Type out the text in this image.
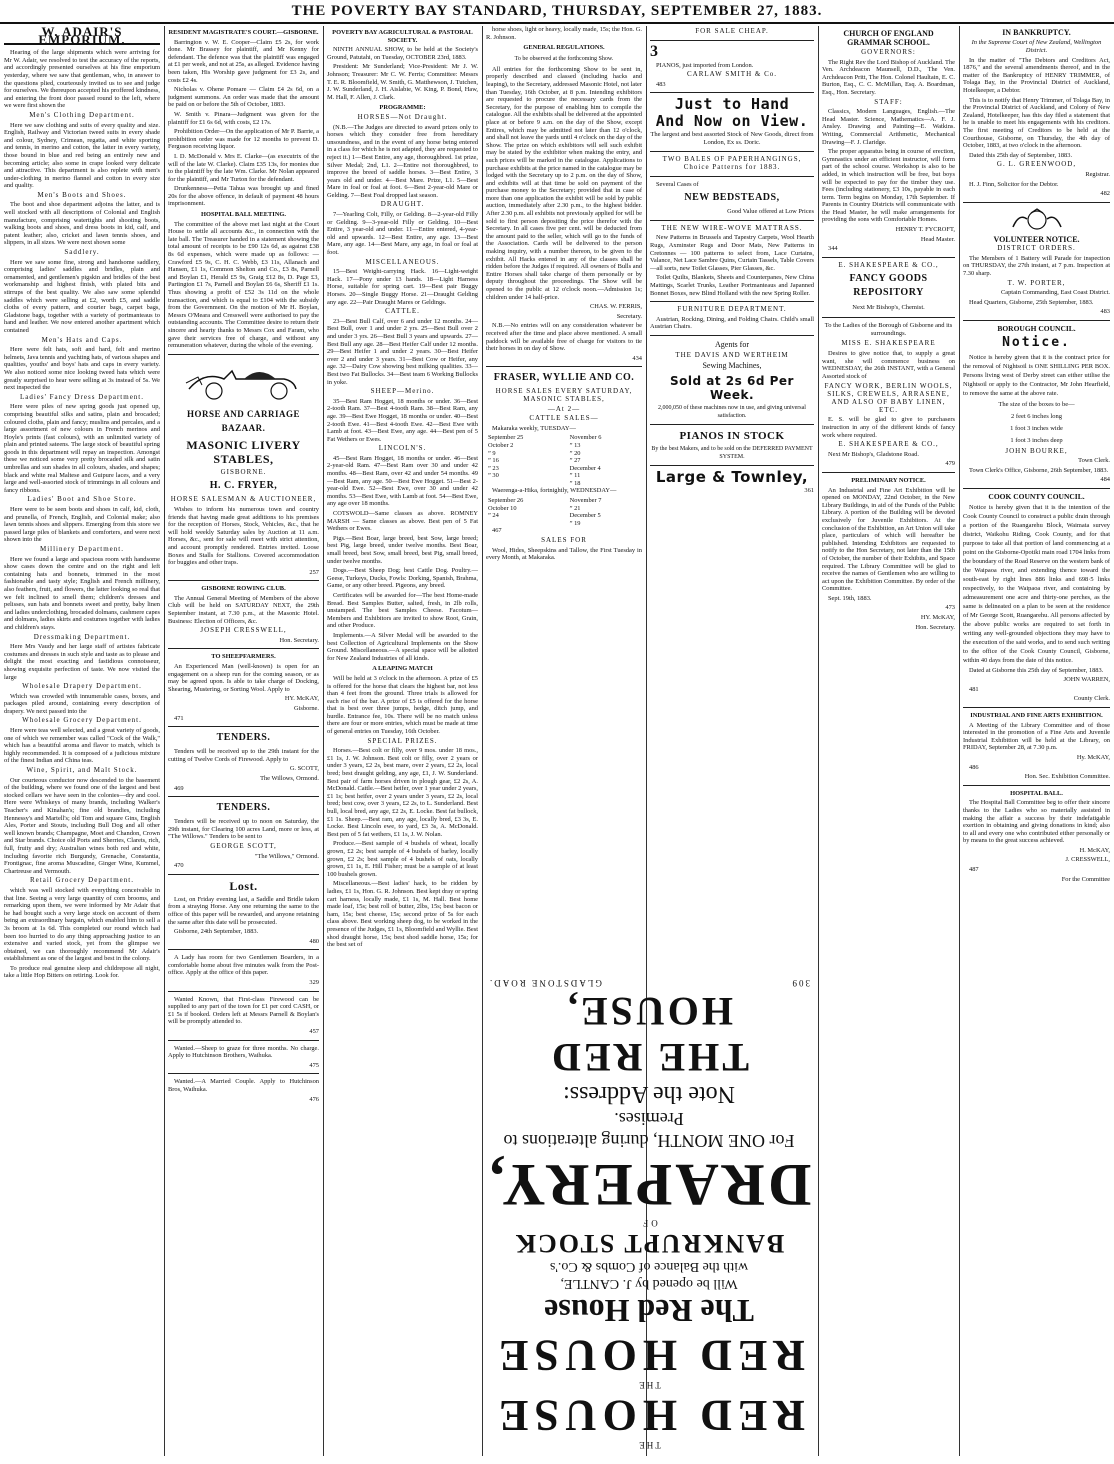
THE POVERTY BAY STANDARD, THURSDAY, SEPTEMBER 27, 1883.
W. ADAIR'S EMPORIUM.

Hearing of the large shipments which were arriving for Mr W. Adair, we resolved to test the accuracy of the reports, and accordingly presented ourselves at his fine emporium yesterday, where we saw that gentleman, who, in answer to the questions plied, courteously invited us to see and judge for ourselves. We thereupon accepted his proffered kindness, and entering the front door passed round to the left, where we were first shown the

Men's Clothing Department.

Here we saw clothing and suits of every quality and size. English, Railway and Victorian tweed suits in every shade and colour, Sydney, Crimean, regatta, and white sporting and tennis, in merino and cotton, the latter in every variety, those bound in blue and red being an entirely new and becoming article; also some in crape looked very delicate and attractive. This department is also replete with men's under-clothing in merino flannel and cotton in every size and quality.

Men's Boots and Shoes.

The boot and shoe department adjoins the latter, and is well stocked with all descriptions of Colonial and English manufacture, comprising watertights and shooting boots, walking boots and shoes, and dress boots in kid, calf, and patent leather; also, cricket and lawn tennis shoes, and slippers, in all sizes. We were next shown some

Saddlery.

Here we saw some fine, strong and handsome saddlery, comprising ladies' saddles and bridles, plain and ornamented, and gentlemen's pigskin and bridles of the best workmanship and highest finish, with plated bits and stirrups of the best quality. We also saw some splendid saddles which were selling at £2, worth £5, and saddle cloths of every pattern, and courier bags, carpet bags, Gladstone bags, together with a variety of portmanteaus to hand and leather. We now entered another apartment which contained

Men's Hats and Caps.

Here were felt hats, soft and hard, felt and merino helmets, Java tennis and yachting hats, of various shapes and qualities, youths' and boys' hats and caps in every variety. We also noticed some nice looking tweed hats which were greatly surprised to hear were selling at 3s instead of 5s. We next inspected the

Ladies' Fancy Dress Department.

Here were piles of new spring goods just opened up, comprising beautiful silks and satins, plain and brocaded; coloured cloths, plain and fancy; muslins and percales, and a large assortment of new colours in French merinos and Hoyle's prints (fast colours), with an unlimited variety of plain and printed sateens. The large stock of beautiful spring goods in this department will repay an inspection. Amongst these we noticed some very pretty brocaded silk and satin umbrellas and sun shades in all colours, shades, and shapes; black and white real Maltese and Guipure laces, and a very large and well-assorted stock of trimmings in all colours and fancy ribbons.

Ladies' Boot and Shoe Store.

Here were to be seen boots and shoes in calf, kid, cloth, and prunella, of French, English, and Colonial make; also lawn tennis shoes and slippers. Emerging from this store we passed large piles of blankets and comforters, and were next shown into the

Millinery Department.

Here we found a large and spacious room with handsome show cases down the centre and on the right and left containing hats and bonnets, trimmed in the most fashionable and tasty style; English and French millinery, also feathers, fruit, and flowers, the latter looking so real that we felt inclined to smell them; children's dresses and pelisses, sun hats and bonnets sweet and pretty, baby linen and ladies underclothing, brocaded dolmans, cashmere capes and dolmans, ladies skirts and costumes together with ladies and children's stays.

Dressmaking Department.

Here Mrs Vaudy and her large staff of artistes fabricate costumes and dresses in such style and taste as to please and delight the most exacting and fastidious connoisseur, showing exquisite perfection of taste. We now visited the large

Wholesale Drapery Department.

Which was crowded with innumerable cases, boxes, and packages piled around, containing every description of drapery. We next passed into the

Wholesale Grocery Department.

Here were teas well selected, and a great variety of goods, one of which we remember was called "Cock of the Walk," which has a beautiful aroma and flavor to match, which is highly recommended. It is composed of a judicious mixture of the finest Indian and China teas.

Wine, Spirit, and Malt Stock.

Our courteous conductor now descended to the basement of the building, where we found one of the largest and best stocked cellars we have seen in the colonies—dry and cool. Here were Whiskeys of many brands, including Walker's Teacher's and Kinahan's; fine old brandies, including Hennessy's and Martell's; old Tom and square Gins, English Ales, Porter and Stouts, including Bull Dog and all other well known brands; Champagne, Moet and Chandon, Crown and Star brands. Choice old Ports and Sherries, Clarets, rich, full, fruity and dry; Australian wines both red and white, including favorite rich Burgundy, Grenache, Constantia, Frontignac, fine aroma Muscadine, Ginger Wine, Kummel, Chartreuse and Vermouth.

Retail Grocery Department.

which was well stocked with everything conceivable in that line. Seeing a very large quantity of corn brooms, and remarking upon them, we were informed by Mr Adair that he had bought such a very large stock on account of them being an extraordinary bargain, which enabled him to sell a 3s broom at 1s 6d. This completed our round which had been too hurried to do any thing approaching justice to an extensive and varied stock, yet from the glimpse we obtained, we can thoroughly recommend Mr Adair's establishment as one of the largest and best in the colony.

To produce real genuine sleep and childrepose all night, take a little Hop Bitters on retiring. Look for.

RESIDENT MAGISTRATE'S COURT.—GISBORNE.

Barrington v. W. E. Cooper—Claim £5 2s, for work done. Mr Brassey for plaintiff, and Mr Kenny for defendant. The defence was that the plaintiff was engaged at £1 per week, and not at 25s, as alleged. Evidence having been taken, His Worship gave judgment for £3 2s, and costs £2 4s.

Nicholas v. Ohene Pomare — Claim £4 2s 6d, on a judgment summons. An order was made that the amount be paid on or before the 5th of October, 1883.

W. Smith v. Pinara—Judgment was given for the plaintiff for £1 6s 6d, with costs, £2 17s.

Prohibition Order—On the application of Mr P. Barrie, a prohibition order was made for 12 months to prevent D. Ferguson receiving liquor.

I. D. McDonald v. Mrs E. Clarke—(as executrix of the will of the late W. Clarke). Claim £35 13s, for monies due to the plaintiff by the late Wm. Clarke. Mr Nolan appeared for the plaintiff, and Mr Turton for the defendant.

Drunkenness—Petia Tahua was brought up and fined 20s for the above offence, in default of payment 48 hours imprisonment.

HOSPITAL BALL MEETING.

The committee of the above met last night at the Court House to settle all accounts &c., in connection with the late ball. The Treasurer handed in a statement showing the total amount of receipts to be £90 12s 6d, as against £38 8s 6d expenses, which were made up as follows: —Crawford £5 9s, C. H. C. Webb, £3 11s, Allanach and Hansen, £1 1s, Common Shelton and Co., £3 8s, Parnell and Boylan £1, Herald £5 9s, Graig £12 8s, D. Page £3, Partington £1 7s, Parnell and Boylan £6 6s, Sheriff £1 1s. Thus showing a profit of £52 3s 11d on the whole transaction, and which is equal to £104 with the subsidy from the Government. On the motion of Mr H. Boylan, Messrs O'Meara and Cresswell were authorised to pay the outstanding accounts. The Committee desire to return their sincere and hearty thanks to Messrs Cox and Faram, who gave their services free of charge, and without any remuneration whatever, during the whole of the evening.

HORSE AND CARRIAGE BAZAAR.

MASONIC LIVERY STABLES,

GISBORNE.

H. C. FRYER,

HORSE SALESMAN & AUCTIONEER,

Wishes to inform his numerous town and country friends that having made great additions to his premises for the reception of Horses, Stock, Vehicles, &c., that he will hold weekly Saturday sales by Auction at 11 a.m. Horses, &c., sent for sale will meet with strict attention, and account promptly rendered. Entries invited. Loose Boxes and Stalls for Stallions. Covered accommodation for buggies and other traps.

257

GISBORNE ROWING CLUB.

The Annual General Meeting of Members of the above Club will be held on SATURDAY NEXT, the 29th September instant, at 7.30 p.m., at the Masonic Hotel. Business: Election of Officers, &c.

JOSEPH CRESSWELL,

Hon. Secretary.

TO SHEEPFARMERS.

An Experienced Man (well-known) is open for an engagement on a sheep run for the coming season, or as may be agreed upon. Is able to take charge of Docking, Shearing, Mustering, or Sorting Wool. Apply to

HY. McKAY,

Gisborne.

471

TENDERS.

Tenders will be received up to the 29th instant for the cutting of Twelve Cords of Firewood. Apply to

G. SCOTT,

The Willows, Ormond.

469

TENDERS.

Tenders will be received up to noon on Saturday, the 29th instant, for Clearing 100 acres Land, more or less, at "The Willows." Tenders to be sent to

GEORGE SCOTT,

"The Willows," Ormond.

470

Lost.

Lost, on Friday evening last, a Saddle and Bridle taken from a straying Horse. Any one returning the same to the office of this paper will be rewarded, and anyone retaining the same after this date will be prosecuted.

Gisborne, 24th September, 1883.

480

A Lady has room for two Gentlemen Boarders, in a comfortable home about five minutes walk from the Post-office. Apply at the office of this paper.

329

Wanted Known, that First-class Firewood can be supplied to any part of the town for £1 per cord CASH, or £1 5s if booked. Orders left at Messrs Parnell & Boylan's will be promptly attended to.

457

Wanted.—Sheep to graze for three months. No charge. Apply to Hutchinson Brothers, Waihuka.

475

Wanted.—A Married Couple. Apply to Hutchinson Bros, Waihuka.

476

POVERTY BAY AGRICULTURAL & PASTORAL SOCIETY.

NINTH ANNUAL SHOW, to be held at the Society's Ground, Patutahi, on Tuesday, OCTOBER 23rd, 1883.

President: Mr Sunderland; Vice-President: Mr J. W. Johnson; Treasurer: Mr C. W. Ferris; Committee: Messrs T. E. R. Bloomfield, W. Smith, G. Matthewson, J. Tutchen, J. W. Sunderland, J. H. Aislabie, W. King, P. Bond, Haw, M. Hall, F. Allen, J. Clark.

PROGRAMME:

HORSES—Not Draught.

(N.B.—The Judges are directed to award prizes only to horses which they consider free from hereditary unsoundness, and in the event of any horse being entered in a class for which he is not adapted, they are requested to reject it.) 1—Best Entire, any age, thoroughbred. 1st prize, Silver Medal; 2nd, L1. 2—Entire not thoroughbred, to improve the breed of saddle horses. 3—Best Entire, 3 years old and under. 4—Best Mare. Prize, L1. 5—Best Mare in foal or foal at foot. 6—Best 2-year-old Mare or Gelding. 7—Best Foal dropped last season.

DRAUGHT.

7—Yearling Colt, Filly, or Gelding. 8—2-year-old Filly or Gelding. 9—3-year-old Filly or Gelding. 10—Best Entire, 3 year-old and under. 11—Entire entered, 4-year-old and upwards. 12—Best Entire, any age. 13—Best Mare, any age. 14—Best Mare, any age, in foal or foal at foot.

MISCELLANEOUS.

15—Best Weight-carrying Hack. 16—Light-weight Hack. 17—Pony under 13 hands. 18—Light Harness Horse, suitable for spring cart. 19—Best pair Buggy Horses. 20—Single Buggy Horse. 21—Draught Gelding any age. 22—Pair Draught Mares or Geldings.

CATTLE.

23—Best Bull Calf, over 6 and under 12 months. 24—Best Bull, over 1 and under 2 yrs. 25—Best Bull over 2 and under 3 yrs. 26—Best Bull 3 years and upwards. 27—Best Bull any age. 28—Best Heifer Calf under 12 months. 29—Best Heifer 1 and under 2 years. 30—Best Heifer over 2 and under 3 years. 31—Best Cow or Heifer, any age. 32—Dairy Cow showing best milking qualities. 33—Best two Fat Bullocks. 34—Best team 6 Working Bullocks in yoke.

SHEEP—Merino.

35—Best Ram Hogget, 18 months or under. 36—Best 2-tooth Ram. 37—Best 4-tooth Ram. 38—Best Ram, any age. 39—Best Ewe Hogget, 18 months or under. 40—Best 2-tooth Ewe. 41—Best 4-tooth Ewe. 42—Best Ewe with Lamb at foot. 43—Best Ewe, any age. 44—Best pen of 5 Fat Wethers or Ewes.

LINCOLN'S.

45—Best Ram Hogget, 18 months or under. 46—Best 2-year-old Ram. 47—Best Ram over 30 and under 42 months. 48—Best Ram, over 42 and under 54 months. 49—Best Ram, any age. 50—Best Ewe Hogget. 51—Best 2-year-old Ewe. 52—Best Ewe, over 30 and under 42 months. 53—Best Ewe, with Lamb at foot. 54—Best Ewe, any age over 18 months.

COTSWOLD—Same classes as above. ROMNEY MARSH — Same classes as above. Best pen of 5 Fat Wethers or Ewes.

Pigs.—Best Boar, large breed, best Sow, large breed; best Pig, large breed, under twelve months. Best Boar, small breed, best Sow, small breed, best Pig, small breed, under twelve months.

Dogs.—Best Sheep Dog; best Cattle Dog. Poultry.—Geese, Turkeys, Ducks, Fowls: Dorking, Spanish, Brahma, Game, or any other breed. Pigeons, any breed.

Certificates will be awarded for—The best Home-made Bread. Best Samples Butter, salted, fresh, in 2lb rolls, unstamped. The best Samples Cheese. Facotum—Members and Exhibitors are invited to show Root, Grain, and other Produce.

Implements.—A Silver Medal will be awarded to the best Collection of Agricultural Implements on the Show Ground. Miscellaneous.—A special space will be allotted for New Zealand Industries of all kinds.

A LEAPING MATCH

Will be held at 3 o'clock in the afternoon. A prize of £5 is offered for the horse that clears the highest bar, not less than 4 feet from the ground. Three trials is allowed for each rise of the bar. A prize of £5 is offered for the horse that is best over three jumps, hedge, ditch jump, and hurdle. Entrance fee, 10s. There will be no match unless there are four or more entries, which must be made at time of general entries on Tuesday, 16th October.

SPECIAL PRIZES.

Horses.—Best colt or filly, over 9 mos. under 18 mos., £1 1s, J. W. Johnson. Best colt or filly, over 2 years or under 3 years, £2 2s, best mare, over 2 years, £2 2s, local bred; best draught gelding, any age, £1, J. W. Sunderland. Best pair of farm horses driven in plough gear, £2 2s, A. McDonald. Cattle.—Best heifer, over 1 year under 2 years, £1 1s; best heifer, over 2 years under 3 years, £2 2s, local bred; best cow, over 3 years, £2 2s, to L. Sunderland. Best bull, local bred, any age, £2 2s, E. Locke. Best fat bullock, £1 1s. Sheep.—Best ram, any age, locally bred, £3 3s, E. Locke. Best Lincoln ewe, to yard, £3 3s, A. McDonald. Best pen of 5 fat wethers, £1 1s, J. W. Nolan.

Produce.—Best sample of 4 bushels of wheat, locally grown, £2 2s; best sample of 4 bushels of barley, locally grown, £2 2s; best sample of 4 bushels of oats, locally grown, £1 1s, E. Hill Fisher; must be a sample of at least 100 bushels grown.

Miscellaneous.—Best ladies' hack, to be ridden by ladies, £1 1s, Hon. G. R. Johnson. Best kept dray or spring cart harness, locally made, £1 1s, M. Hall. Best home made loaf, 15s; best roll of butter, 2lbs, 15s; best bacon or ham, 15s; best cheese, 15s; second prize of 5s for each class above. Best working sheep dog, to be worked in the presence of the Judges, £1 1s, Bloomfield and Wyllie. Best shod draught horse, 15s; best shod saddle horse, 15s; for the best set of

horse shoes, light or heavy, locally made, 15s; the Hon. G. R. Johnson.

GENERAL REGULATIONS.

To be observed at the forthcoming Show.

All entries for the forthcoming Show to be sent in, properly described and classed (including hacks and leaping), to the Secretary, addressed Masonic Hotel, not later than Tuesday, 16th October, at 8 p.m. Intending exhibitors are requested to procure the necessary cards from the Secretary, for the purpose of enabling him to compile the catalogue. All the exhibits shall be delivered at the appointed place at or before 9 a.m. on the day of the Show, except Entires, which may be admitted not later than 12 o'clock, and shall not leave the yards until 4 o'clock on the day of the Show. The prize on which exhibitors will sell such exhibit may be stated by the exhibitor when making the entry, and such prices will be marked in the catalogue. Applications to purchase exhibits at the price named in the catalogue may be lodged with the Secretary up to 2 p.m. on the day of Show, and exhibits will at that time be sold on payment of the purchase money to the Secretary; provided that in case of more than one application the exhibit will be sold by public auction, immediately after 2.30 p.m., to the highest bidder. After 2.30 p.m. all exhibits not previously applied for will be sold to first person depositing the price therefor with the Secretary. In all cases five per cent. will be deducted from the amount paid to the seller, which will go to the funds of the Association. Cards will be delivered to the person making inquiry, with a number thereon, to be given to the exhibit. All Hacks entered in any of the classes shall be ridden before the Judges if required. All owners of Bulls and Entire Horses shall take charge of them personally or by deputy throughout the proceedings. The Show will be opened to the public at 12 o'clock noon.—Admission 1s; children under 14 half-price.

CHAS. W. FERRIS,

Secretary.

N.B.—No entries will on any consideration whatever be received after the time and place above mentioned. A small paddock will be available free of charge for visitors to tie their horses in on day of Show.

434

FRASER, WYLLIE AND CO.

HORSE SALES EVERY SATURDAY, MASONIC STABLES,

—At 2—

CATTLE SALES—

Makaraka weekly, TUESDAY—

September 25	November 6
October 2	” 13
” 9	” 20
” 16	” 27
” 23	December 4
” 30	” 11
	” 18

Waerenga-a-Hika, fortnightly, WEDNESDAY—

September 26	November 7
October 10	” 21
” 24	December 5
	” 19

467

SALES FOR

Wool, Hides, Sheepskins and Tallow, the First Tuesday in every Month, at Makaraka.

FOR SALE CHEAP.

3

PIANOS, just imported from London.

CARLAW SMITH & Co.

483

Just to Hand

And Now on View.

The largest and best assorted Stock of New Goods, direct from London, Ex ss. Doric.

TWO BALES OF PAPERHANGINGS, Choice Patterns for 1883.

Several Cases of

NEW BEDSTEADS,

Good Value offered at Low Prices

THE NEW WIRE-WOVE MATTRASS.

New Patterns in Brussels and Tapestry Carpets, Wool Hearth Rugs, Axminster Rugs and Door Mats, New Patterns in Cretonnes — 100 patterns to select from, Lace Curtains, Valance, Net Lace Sambre Quins, Curtain Tassels, Table Covers —all sorts, new Toilet Glasses, Pier Glasses, &c.

Toilet Quilts, Blankets, Sheets and Counterpanes, New China Mattings, Scarlet Trunks, Leather Portmanteaus and Japanned Bonnet Boxes, new Blind Holland with the new Spring Roller.

FURNITURE DEPARTMENT.

Austrian, Rocking, Dining, and Folding Chairs. Child's small Austrian Chairs.

Agents for

THE DAVIS AND WERTHEIM

Sewing Machines,

Sold at 2s 6d Per Week.

2,000,050 of these machines now in use, and giving universal satisfaction.

PIANOS IN STOCK

By the best Makers, and to be sold on the DEFERRED PAYMENT SYSTEM.

Large & Townley,

361

THE
RED HOUSE
THE
RED HOUSE
The Red House
Will be opened by J. CANTLE,
with the Balance of Combs & Co.'s
BANKRUPT STOCK
OF
DRAPERY,
For ONE MONTH, during alterations to Premises.
Note the Address:
THE RED HOUSE,
309
GLADSTONE ROAD.

CHURCH OF ENGLAND GRAMMAR SCHOOL.

GOVERNORS:

The Right Rev the Lord Bishop of Auckland. The Ven. Archdeacon Maunsell, D.D., The Ven. Archdeacon Pritt, The Hon. Colonel Haultain, E. C. Burton, Esq., C. C. McMillan, Esq. A. Boardman, Esq., Hon. Secretary.

STAFF:

Classics, Modern Languages, English.—The Head Master. Science, Mathematics—A. F. J. Ansley. Drawing and Painting—E. Watkins. Writing, Commercial Arithmetic, Mechanical Drawing—F. J. Claridge.

The proper apparatus being in course of erection, Gymnastics under an efficient instructor, will form part of the school course. Workshop is also to be added, in which instruction will be free, but boys will be expected to pay for the timber they use. Fees (including stationery, £3 10s, payable in each term. Term begins on Monday, 17th September. If Parents in Country Districts will communicate with the Head Master, he will make arrangements for providing the sons with Comfortable Homes.

HENRY T. FYCROFT,

Head Master.

344

E. SHAKESPEARE & CO.,

FANCY GOODS REPOSITORY

Next Mr Bishop's, Chemist.

To the Ladies of the Borough of Gisborne and its surroundings.

MISS E. SHAKESPEARE

Desires to give notice that, to supply a great want, she will commence business on WEDNESDAY, the 26th INSTANT, with a General Assorted stock of

FANCY WORK, BERLIN WOOLS, SILKS, CREWELS, ARRASENE, AND ALSO OF BABY LINEN, ETC.

E. S. will be glad to give to purchasers instruction in any of the different kinds of fancy work where required.

E. SHAKESPEARE & CO.,

Next Mr Bishop's, Gladstone Road.

479

PRELIMINARY NOTICE.

An Industrial and Fine Art Exhibition will be opened on MONDAY, 22nd October, in the New Library Buildings, in aid of the Funds of the Public Library. A portion of the Building will be devoted exclusively for Juvenile Exhibitors. At the conclusion of the Exhibition, an Art Union will take place, particulars of which will hereafter be published. Intending Exhibitors are requested to notify to the Hon Secretary, not later than the 15th of October, the number of their Exhibits, and Space required. The Library Committee will be glad to receive the names of Gentlemen who are willing to act upon the Exhibition Committee. By order of the Committee.

Sept. 19th, 1883.

473

HY. McKAY,

Hon. Secretary.

IN BANKRUPTCY.

In the Supreme Court of New Zealand, Wellington District.

In the matter of "The Debtors and Creditors Act, 1876," and the several amendments thereof, and in the matter of the Bankruptcy of HENRY TRIMMER, of Tolaga Bay, in the Provincial District of Auckland, Hotelkeeper, a Debtor.

This is to notify that Henry Trimmer, of Tolaga Bay, in the Provincial District of Auckland, and Colony of New Zealand, Hotelkeeper, has this day filed a statement that he is unable to meet his engagements with his creditors. The first meeting of Creditors to be held at the Courthouse, Gisborne, on Thursday, the 4th day of October, 1883, at two o'clock in the afternoon.

Dated this 25th day of September, 1883.

G. L. GREENWOOD,

Registrar.

H. J. Finn, Solicitor for the Debtor.

482

VOLUNTEER NOTICE.

DISTRICT ORDERS.

The Members of 1 Battery will Parade for inspection on THURSDAY, the 27th instant, at 7 p.m. Inspection at 7.30 sharp.

T. W. PORTER,

Captain Commanding, East Coast District.

Head Quarters, Gisborne, 25th September, 1883.

483

BOROUGH COUNCIL.

Notice.

Notice is hereby given that it is the contract price for the removal of Nightsoil is ONE SHILLING PER BOX. Persons living west of Derby street can either utilise the Nightsoil or apply to the Contractor, Mr John Hearfield, to remove the same at the above rate.

The size of the boxes to be—

2 feet 6 inches long

1 foot 3 inches wide

1 foot 3 inches deep

JOHN BOURKE,

Town Clerk.

Town Clerk's Office, Gisborne, 26th September, 1883.

484

COOK COUNTY COUNCIL.

Notice is hereby given that it is the intention of the Cook County Council to construct a public drain through a portion of the Ruangarehu Block, Waimata survey district, Waikohu Riding, Cook County, and for that purpose to take all that portion of land commencing at a point on the Gisborne-Opotiki main road 1704 links from the boundary of the Road Reserve on the western bank of the Waipaoa river, and extending thence toward the south-east by right lines 886 links and 698·5 links respectively, to the Waipaoa river, and containing by admeasurement one acre and thirty-one perches, as the same is delineated on a plan to be seen at the residence of Mr George Scott, Ruangarehu. All persons affected by the above public works are required to set forth in writing any well-grounded objections they may have to the execution of the said works, and to send such writing to the office of the Cook County Council, Gisborne, within 40 days from the date of this notice.

Dated at Gisborne this 25th day of September, 1883.

JOHN WARREN,

481

County Clerk.

INDUSTRIAL AND FINE ARTS EXHIBITION.

A Meeting of the Library Committee and of those interested in the promotion of a Fine Arts and Juvenile Industrial Exhibition will be held at the Library, on FRIDAY, September 28, at 7.30 p.m.

Hy. McKAY,

486

Hon. Sec. Exhibition Committee.

HOSPITAL BALL.

The Hospital Ball Committee beg to offer their sincere thanks to the Ladies who so materially assisted in making the affair a success by their indefatigable exertion in obtaining and giving donations in kind; also to all and every one who contributed either personally or by means to the great success achieved.

H. McKAY,

J. CRESSWELL,

487

For the Committee
